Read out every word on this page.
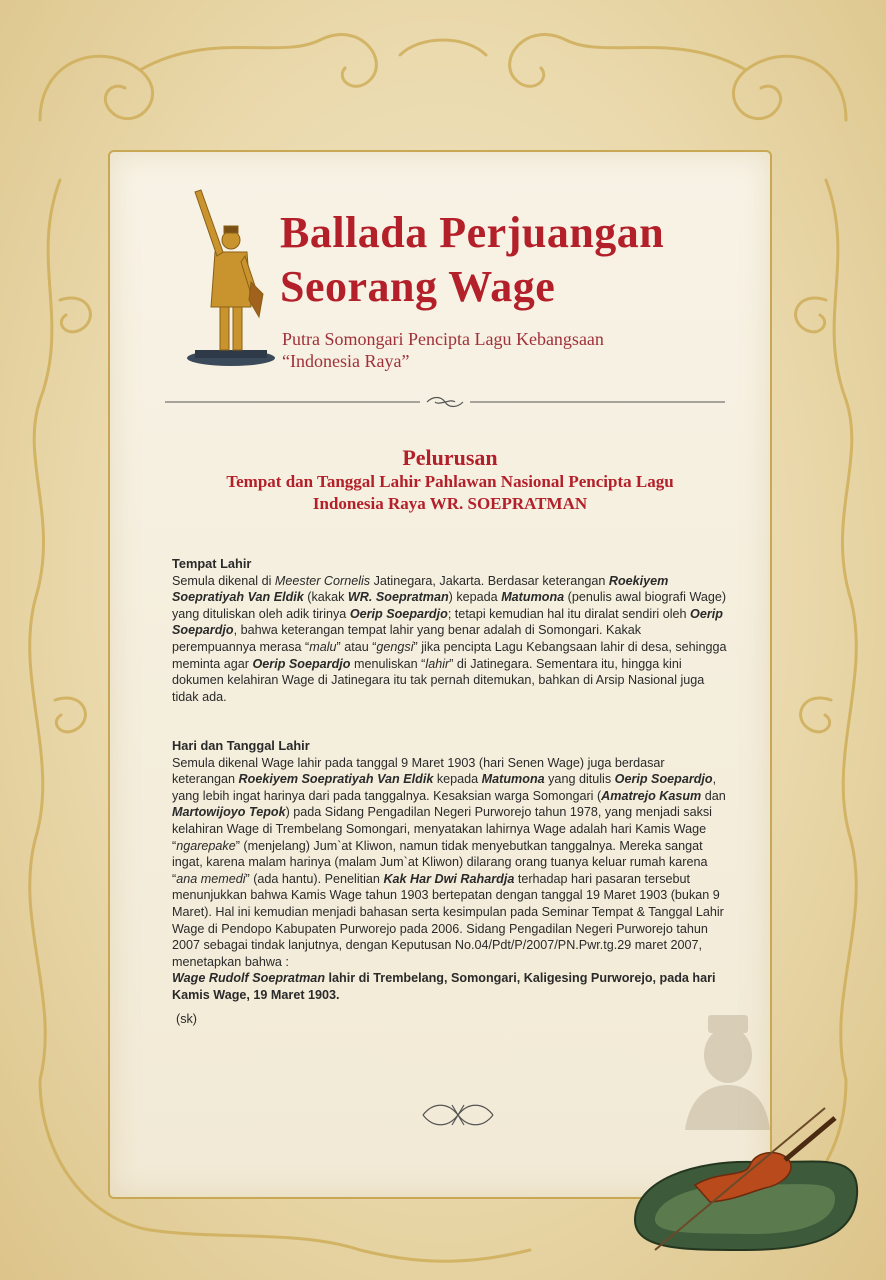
Ballada Perjuangan
Seorang Wage
Putra Somongari Pencipta Lagu Kebangsaan
“Indonesia Raya”
Pelurusan
Tempat dan Tanggal Lahir Pahlawan Nasional Pencipta Lagu
Indonesia Raya WR. SOEPRATMAN
Tempat Lahir

Semula dikenal di Meester Cornelis Jatinegara, Jakarta. Berdasar keterangan Roekiyem Soepratiyah Van Eldik (kakak WR. Soepratman) kepada Matumona (penulis awal biografi Wage) yang dituliskan oleh adik tirinya Oerip Soepardjo; tetapi kemudian hal itu diralat sendiri oleh Oerip Soepardjo, bahwa keterangan tempat lahir yang benar adalah di Somongari. Kakak perempuannya merasa “malu” atau “gengsi” jika pencipta Lagu Kebangsaan lahir di desa, sehingga meminta agar Oerip Soepardjo menuliskan “lahir” di Jatinegara. Sementara itu, hingga kini dokumen kelahiran Wage di Jatinegara itu tak pernah ditemukan, bahkan di Arsip Nasional juga tidak ada.

Hari dan Tanggal Lahir

Semula dikenal Wage lahir pada tanggal 9 Maret 1903 (hari Senen Wage) juga berdasar keterangan Roekiyem Soepratiyah Van Eldik kepada Matumona yang ditulis Oerip Soepardjo, yang lebih ingat harinya dari pada tanggalnya. Kesaksian warga Somongari (Amatrejo Kasum dan Martowijoyo Tepok) pada Sidang Pengadilan Negeri Purworejo tahun 1978, yang menjadi saksi kelahiran Wage di Trembelang Somongari, menyatakan lahirnya Wage adalah hari Kamis Wage “ngarepake” (menjelang) Jum`at Kliwon, namun tidak menyebutkan tanggalnya. Mereka sangat ingat, karena malam harinya (malam Jum`at Kliwon) dilarang orang tuanya keluar rumah karena “ana memedi” (ada hantu). Penelitian Kak Har Dwi Rahardja terhadap hari pasaran tersebut menunjukkan bahwa Kamis Wage tahun 1903 bertepatan dengan tanggal 19 Maret 1903 (bukan 9 Maret). Hal ini kemudian menjadi bahasan serta kesimpulan pada Seminar Tempat & Tanggal Lahir Wage di Pendopo Kabupaten Purworejo pada 2006. Sidang Pengadilan Negeri Purworejo tahun 2007 sebagai tindak lanjutnya, dengan Keputusan No.04/Pdt/P/2007/PN.Pwr.tg.29 maret 2007, menetapkan bahwa :
Wage Rudolf Soepratman lahir di Trembelang, Somongari, Kaligesing Purworejo, pada hari Kamis Wage, 19 Maret 1903.

(sk)
